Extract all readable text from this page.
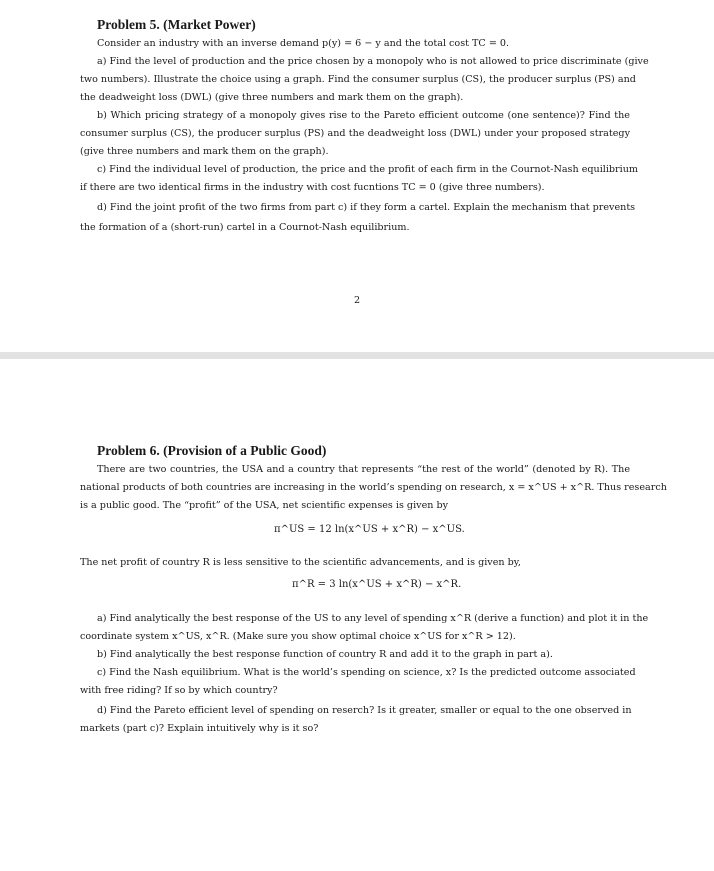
Problem 5. (Market Power)
Consider an industry with an inverse demand p(y) = 6 − y and the total cost TC = 0.
a) Find the level of production and the price chosen by a monopoly who is not allowed to price discriminate (give
two numbers). Illustrate the choice using a graph. Find the consumer surplus (CS), the producer surplus (PS) and
the deadweight loss (DWL) (give three numbers and mark them on the graph).
b) Which pricing strategy of a monopoly gives rise to the Pareto efficient outcome (one sentence)? Find the
consumer surplus (CS), the producer surplus (PS) and the deadweight loss (DWL) under your proposed strategy
(give three numbers and mark them on the graph).
c) Find the individual level of production, the price and the profit of each firm in the Cournot-Nash equilibrium
if there are two identical firms in the industry with cost fucntions TC = 0 (give three numbers).
d) Find the joint profit of the two firms from part c) if they form a cartel. Explain the mechanism that prevents
the formation of a (short-run) cartel in a Cournot-Nash equilibrium.
2
Problem 6. (Provision of a Public Good)
There are two countries, the USA and a country that represents “the rest of the world” (denoted by R). The
national products of both countries are increasing in the world’s spending on research, x = x^US + x^R. Thus research
is a public good. The “profit” of the USA, net scientific expenses is given by
π^US = 12 ln(x^US + x^R) − x^US.
The net profit of country R is less sensitive to the scientific advancements, and is given by,
π^R = 3 ln(x^US + x^R) − x^R.
a) Find analytically the best response of the US to any level of spending x^R (derive a function) and plot it in the
coordinate system x^US, x^R. (Make sure you show optimal choice x^US for x^R > 12).
b) Find analytically the best response function of country R and add it to the graph in part a).
c) Find the Nash equilibrium. What is the world’s spending on science, x? Is the predicted outcome associated
with free riding? If so by which country?
d) Find the Pareto efficient level of spending on reserch? Is it greater, smaller or equal to the one observed in
markets (part c)? Explain intuitively why is it so?
